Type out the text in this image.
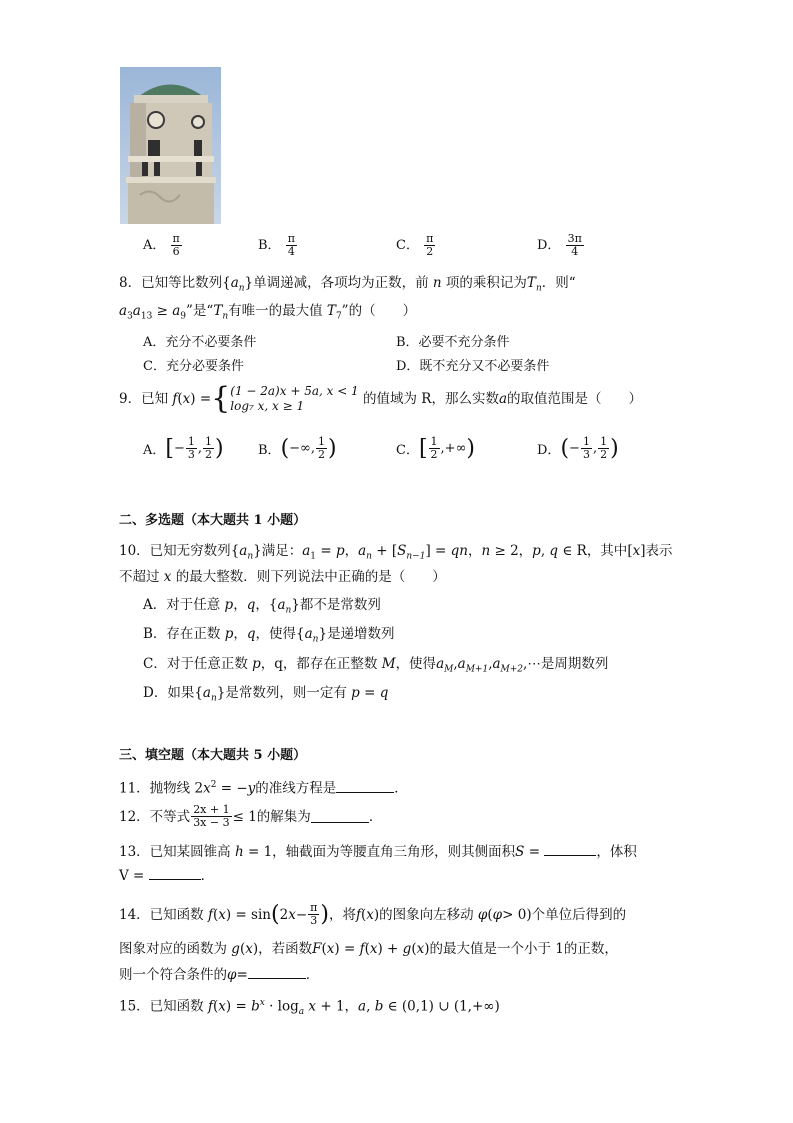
A． $\frac{\pi}{6}$	B． $\frac{\pi}{4}$	C． $\frac{\pi}{2}$	D． $\frac{3\pi}{4}$
8．已知等比数列$\{a_n\}$单调递减，各项均为正数，前 n 项的乘积记为$T_n$．则“
$a_3a_{13} \ge a_9$”是“$T_n$有唯一的最大值 $T_7$”的（　　）
A．充分不必要条件	B．必要不充分条件
C．充分必要条件	D．既不充分又不必要条件
9．已知 f ( x ) = { (1 − 2a)x + 5a, x < 1
log₇ x, x ≥ 1
	的值域为 R，那么实数 a 的取值范围是（　　）
A． [ − $\frac{1}{3}$ , $\frac{1}{2}$ )	B． ( −∞, $\frac{1}{2}$ )	C． [ $\frac{1}{2}$ ,+∞ )	D． ( − $\frac{1}{3}$ , $\frac{1}{2}$ )
二、多选题（本大题共 1 小题）
10．已知无穷数列$\{a_n\}$满足：$a_1 = p$，$a_n + [S_{n-1}]$ = qn，n ≥ 2，p, q ∈ R，其中[x]表示
不超过 x 的最大整数．则下列说法中正确的是（　　）
A．对于任意 p，q，$\{a_n\}$都不是常数列
B．存在正数 p，q，使得$\{a_n\}$是递增数列
C．对于任意正数 p，q，都存在正整数 M，使得$a_M,a_{M+1},a_{M+2},\cdots$是周期数列
D．如果$\{a_n\}$是常数列，则一定有 p = q
三、填空题（本大题共 5 小题）
11．抛物线 $2x^2 = -y$的准线方程是	．
12．不等式 $\frac{2x + 1}{3x - 3} \le 1$的解集为	．
13．已知某圆锥高 h = 1，轴截面为等腰直角三角形，则其侧面积S =	，体积
V =	．
14．已知函数 f ( x ) = sin ( 2 $x - \frac{\pi}{3}$ ) ，将 f ( x ) 的图象向左移动 φ ( φ > 0) 个单位后得到的
图象对应的函数为 g(x)，若函数F(x) = f(x) + g(x)的最大值是一个小于 1的正数，
则一个符合条件的φ=	．
15．已知函数 $f(x) = b^x \cdot \log_a x + 1$，a, b ∈ (0,1) ∪ (1,+∞)
